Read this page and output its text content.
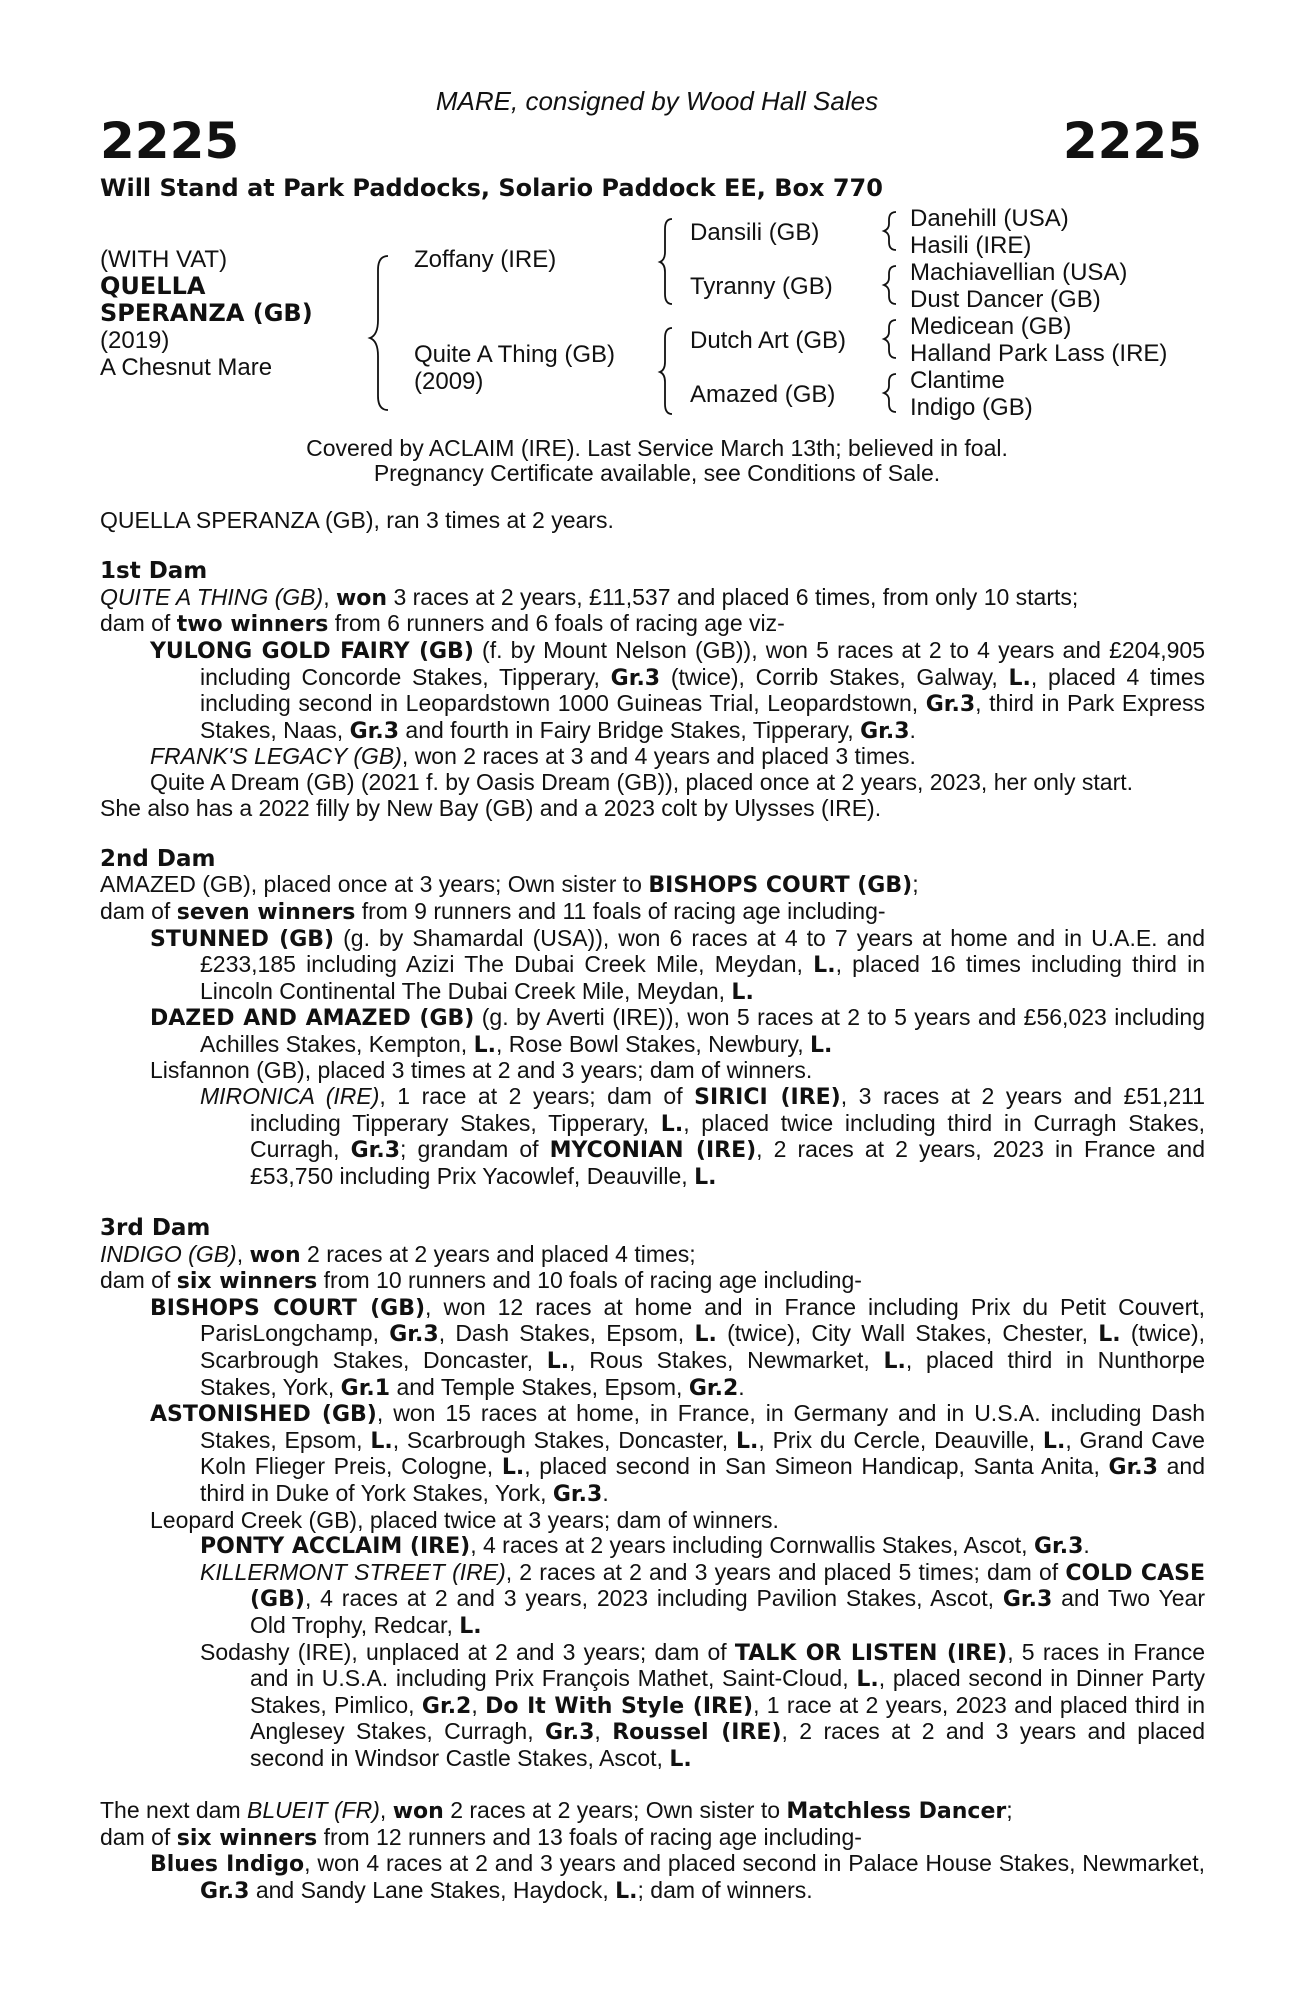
MARE, consigned by Wood Hall Sales
2225	2225
Will Stand at Park Paddocks, Solario Paddock EE, Box 770
(WITH VAT)
QUELLA
SPERANZA (GB)
(2019)
A Chesnut Mare
Zoffany (IRE)
Quite A Thing (GB)
(2009)
Dansili (GB)
Tyranny (GB)
Dutch Art (GB)
Amazed (GB)
Danehill (USA)
Hasili (IRE)
Machiavellian (USA)
Dust Dancer (GB)
Medicean (GB)
Halland Park Lass (IRE)
Clantime
Indigo (GB)
Covered by ACLAIM (IRE). Last Service March 13th; believed in foal.
Pregnancy Certificate available, see Conditions of Sale.

QUELLA SPERANZA (GB), ran 3 times at 2 years.

1st Dam

QUITE A THING (GB), won 3 races at 2 years, £11,537 and placed 6 times, from only 10 starts;

dam of two winners from 6 runners and 6 foals of racing age viz-

YULONG GOLD FAIRY (GB) (f. by Mount Nelson (GB)), won 5 races at 2 to 4 years and £204,905 including Concorde Stakes, Tipperary, Gr.3 (twice), Corrib Stakes, Galway, L., placed 4 times including second in Leopardstown 1000 Guineas Trial, Leopardstown, Gr.3, third in Park Express Stakes, Naas, Gr.3 and fourth in Fairy Bridge Stakes, Tipperary, Gr.3.

FRANK'S LEGACY (GB), won 2 races at 3 and 4 years and placed 3 times.

Quite A Dream (GB) (2021 f. by Oasis Dream (GB)), placed once at 2 years, 2023, her only start.

She also has a 2022 filly by New Bay (GB) and a 2023 colt by Ulysses (IRE).

2nd Dam

AMAZED (GB), placed once at 3 years; Own sister to BISHOPS COURT (GB);

dam of seven winners from 9 runners and 11 foals of racing age including-

STUNNED (GB) (g. by Shamardal (USA)), won 6 races at 4 to 7 years at home and in U.A.E. and £233,185 including Azizi The Dubai Creek Mile, Meydan, L., placed 16 times including third in Lincoln Continental The Dubai Creek Mile, Meydan, L.

DAZED AND AMAZED (GB) (g. by Averti (IRE)), won 5 races at 2 to 5 years and £56,023 including Achilles Stakes, Kempton, L., Rose Bowl Stakes, Newbury, L.

Lisfannon (GB), placed 3 times at 2 and 3 years; dam of winners.

MIRONICA (IRE), 1 race at 2 years; dam of SIRICI (IRE), 3 races at 2 years and £51,211 including Tipperary Stakes, Tipperary, L., placed twice including third in Curragh Stakes, Curragh, Gr.3; grandam of MYCONIAN (IRE), 2 races at 2 years, 2023 in France and £53,750 including Prix Yacowlef, Deauville, L.

3rd Dam

INDIGO (GB), won 2 races at 2 years and placed 4 times;

dam of six winners from 10 runners and 10 foals of racing age including-

BISHOPS COURT (GB), won 12 races at home and in France including Prix du Petit Couvert, ParisLongchamp, Gr.3, Dash Stakes, Epsom, L. (twice), City Wall Stakes, Chester, L. (twice), Scarbrough Stakes, Doncaster, L., Rous Stakes, Newmarket, L., placed third in Nunthorpe Stakes, York, Gr.1 and Temple Stakes, Epsom, Gr.2.

ASTONISHED (GB), won 15 races at home, in France, in Germany and in U.S.A. including Dash Stakes, Epsom, L., Scarbrough Stakes, Doncaster, L., Prix du Cercle, Deauville, L., Grand Cave Koln Flieger Preis, Cologne, L., placed second in San Simeon Handicap, Santa Anita, Gr.3 and third in Duke of York Stakes, York, Gr.3.

Leopard Creek (GB), placed twice at 3 years; dam of winners.

PONTY ACCLAIM (IRE), 4 races at 2 years including Cornwallis Stakes, Ascot, Gr.3.

KILLERMONT STREET (IRE), 2 races at 2 and 3 years and placed 5 times; dam of COLD CASE (GB), 4 races at 2 and 3 years, 2023 including Pavilion Stakes, Ascot, Gr.3 and Two Year Old Trophy, Redcar, L.

Sodashy (IRE), unplaced at 2 and 3 years; dam of TALK OR LISTEN (IRE), 5 races in France and in U.S.A. including Prix François Mathet, Saint-Cloud, L., placed second in Dinner Party Stakes, Pimlico, Gr.2, Do It With Style (IRE), 1 race at 2 years, 2023 and placed third in Anglesey Stakes, Curragh, Gr.3, Roussel (IRE), 2 races at 2 and 3 years and placed second in Windsor Castle Stakes, Ascot, L.

The next dam BLUEIT (FR), won 2 races at 2 years; Own sister to Matchless Dancer;

dam of six winners from 12 runners and 13 foals of racing age including-

Blues Indigo, won 4 races at 2 and 3 years and placed second in Palace House Stakes, Newmarket, Gr.3 and Sandy Lane Stakes, Haydock, L.; dam of winners.
